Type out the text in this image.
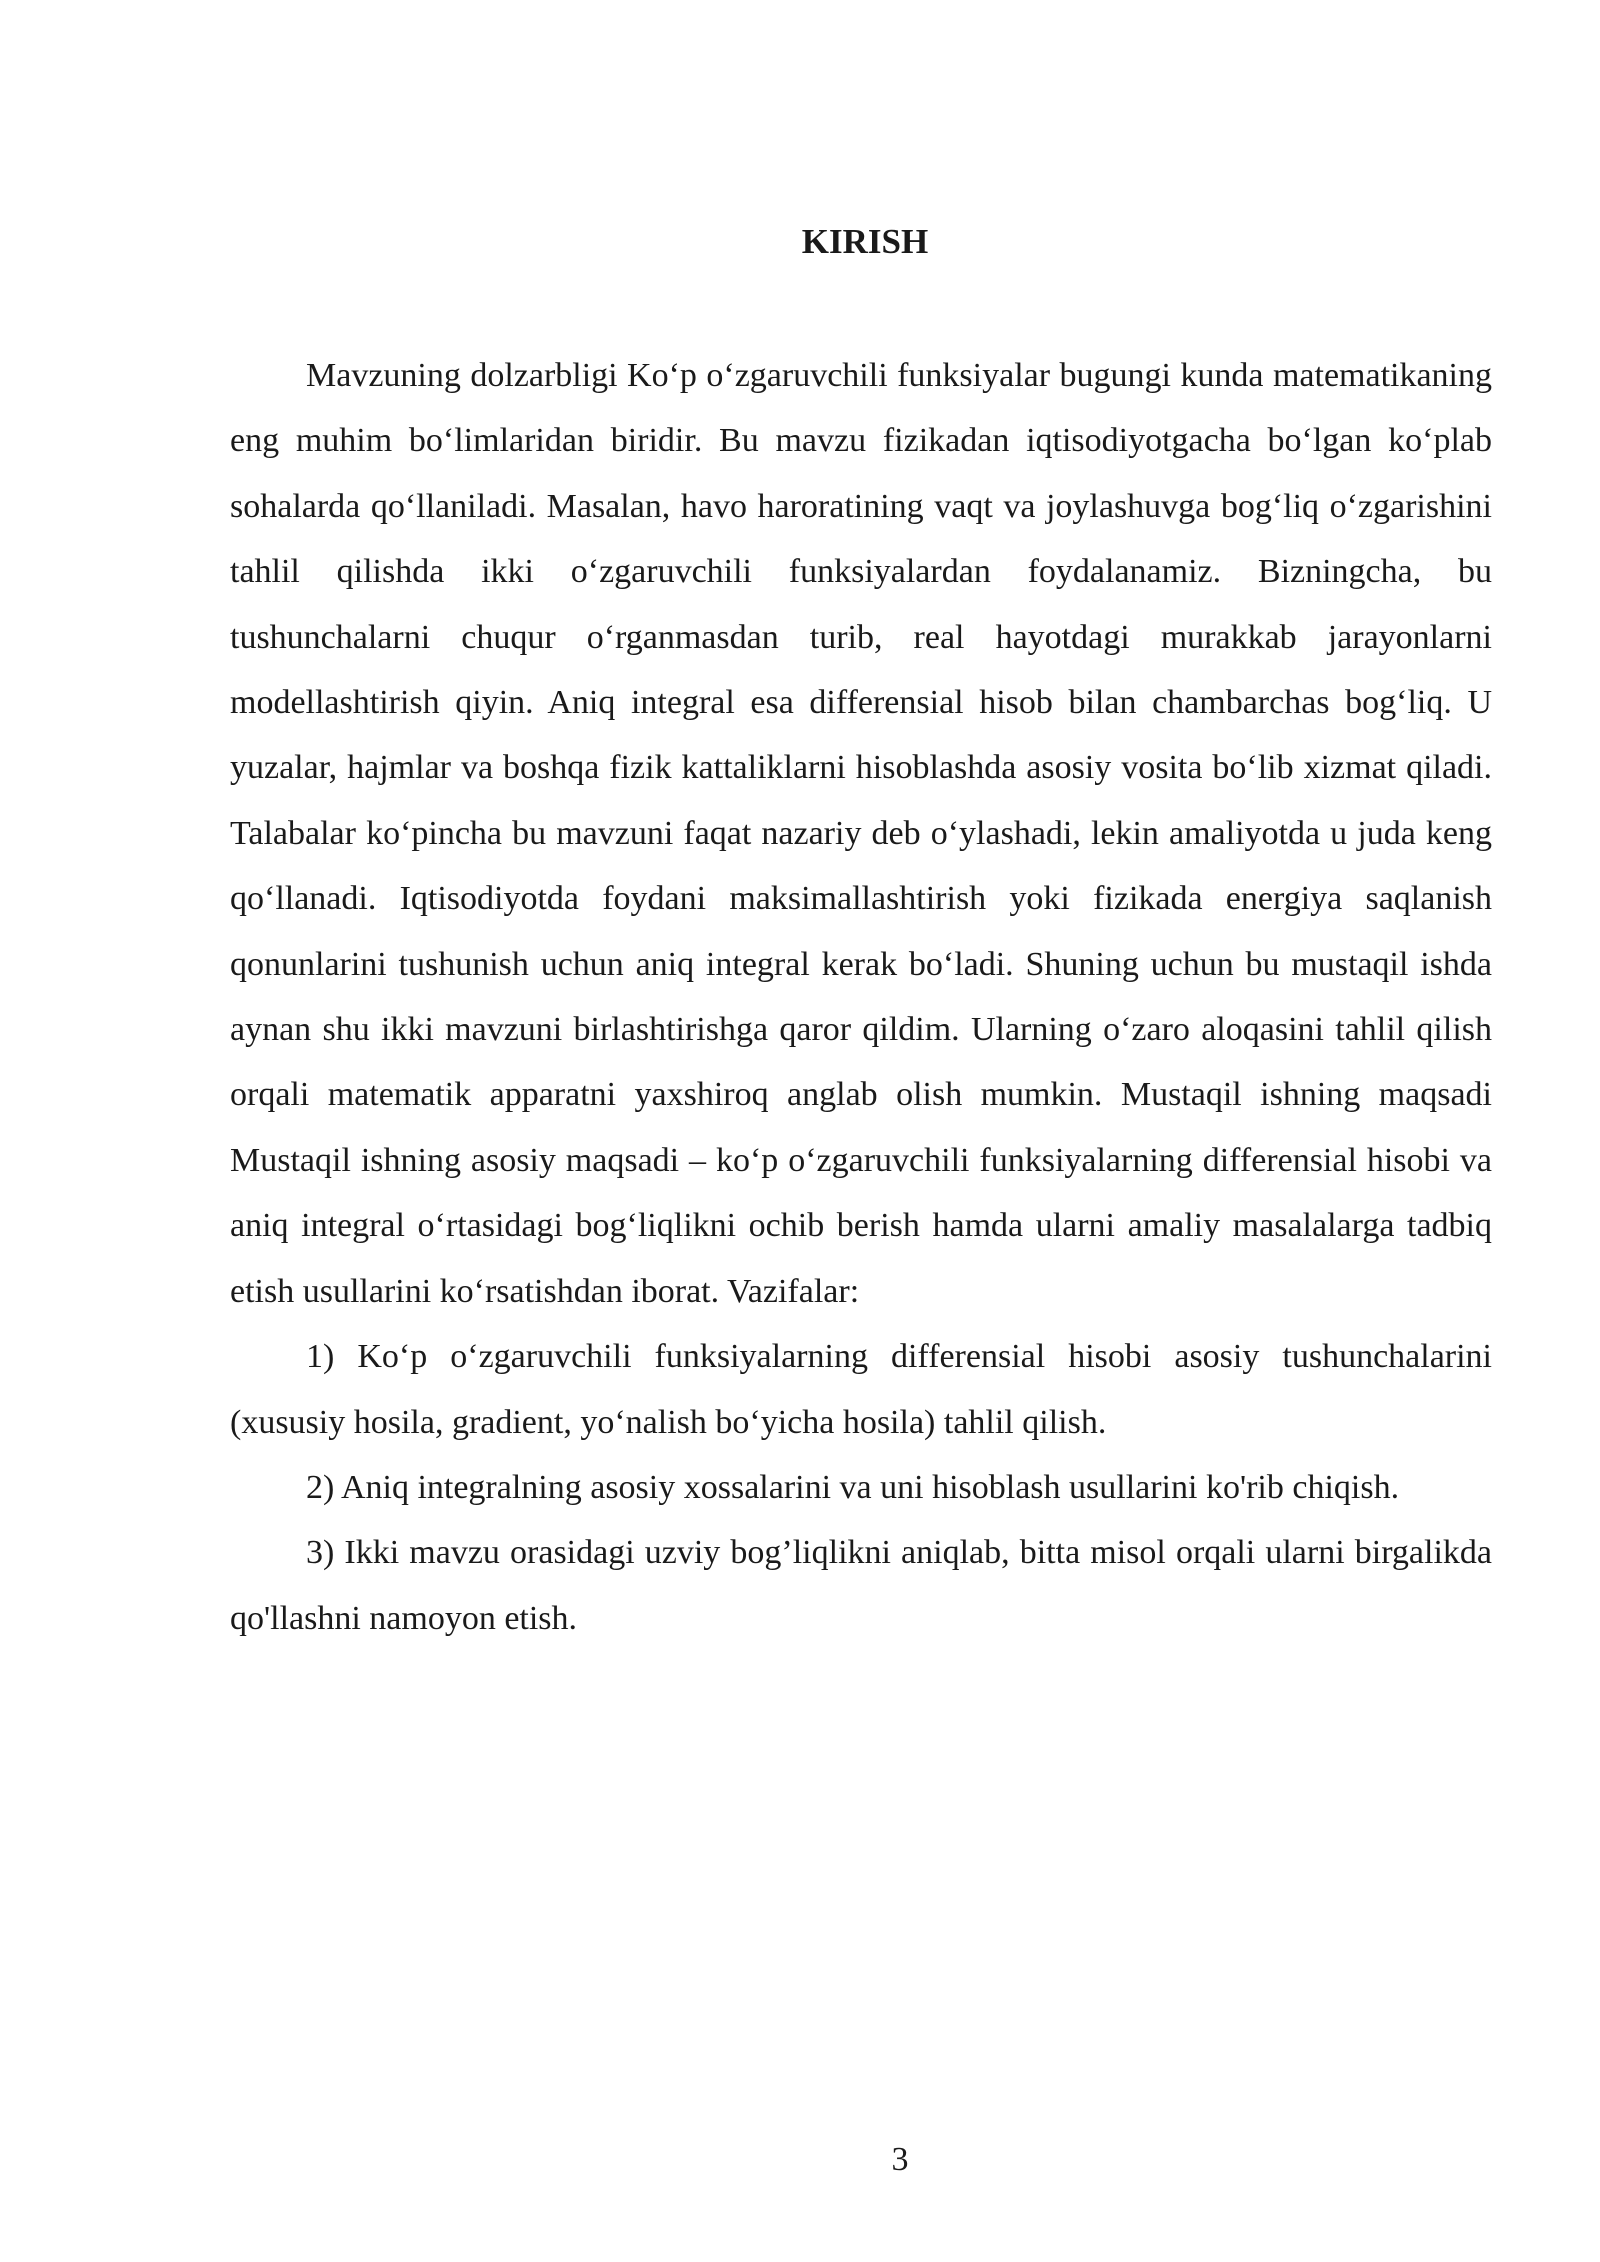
KIRISH

Mavzuning dolzarbligi Ko‘p o‘zgaruvchili funksiyalar bugungi kunda matematikaning eng muhim bo‘limlaridan biridir. Bu mavzu fizikadan iqtisodiyotgacha bo‘lgan ko‘plab sohalarda qo‘llaniladi. Masalan, havo haroratining vaqt va joylashuvga bog‘liq o‘zgarishini tahlil qilishda ikki o‘zgaruvchili funksiyalardan foydalanamiz. Bizningcha, bu tushunchalarni chuqur o‘rganmasdan turib, real hayotdagi murakkab jarayonlarni modellashtirish qiyin. Aniq integral esa differensial hisob bilan chambarchas bog‘liq. U yuzalar, hajmlar va boshqa fizik kattaliklarni hisoblashda asosiy vosita bo‘lib xizmat qiladi. Talabalar ko‘pincha bu mavzuni faqat nazariy deb o‘ylashadi, lekin amaliyotda u juda keng qo‘llanadi. Iqtisodiyotda foydani maksimallashtirish yoki fizikada energiya saqlanish qonunlarini tushunish uchun aniq integral kerak bo‘ladi. Shuning uchun bu mustaqil ishda aynan shu ikki mavzuni birlashtirishga qaror qildim. Ularning o‘zaro aloqasini tahlil qilish orqali matematik apparatni yaxshiroq anglab olish mumkin. Mustaqil ishning maqsadi Mustaqil ishning asosiy maqsadi – ko‘p o‘zgaruvchili funksiyalarning differensial hisobi va aniq integral o‘rtasidagi bog‘liqlikni ochib berish hamda ularni amaliy masalalarga tadbiq etish usullarini ko‘rsatishdan iborat. Vazifalar:

1) Ko‘p o‘zgaruvchili funksiyalarning differensial hisobi asosiy tushunchalarini (xususiy hosila, gradient, yo‘nalish bo‘yicha hosila) tahlil qilish.

2) Aniq integralning asosiy xossalarini va uni hisoblash usullarini ko'rib chiqish.

3) Ikki mavzu orasidagi uzviy bog’liqlikni aniqlab, bitta misol orqali ularni birgalikda qo'llashni namoyon etish.

3
